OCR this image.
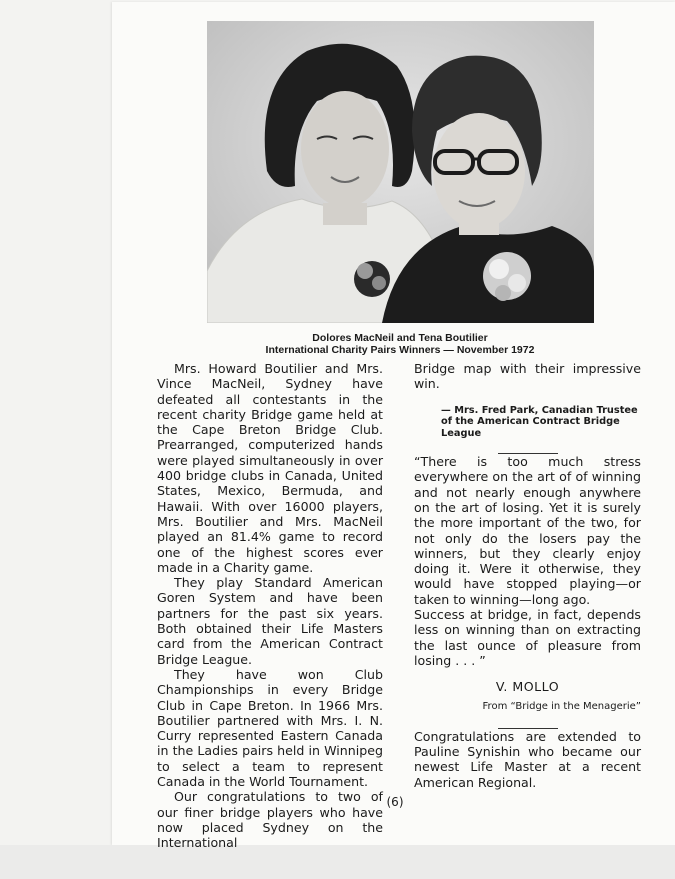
Dolores MacNeil and Tena Boutilier
International Charity Pairs Winners — November 1972

Mrs. Howard Boutilier and Mrs. Vince MacNeil, Sydney have defeated all contestants in the recent charity Bridge game held at the Cape Breton Bridge Club. Prearranged, computerized hands were played simultaneously in over 400 bridge clubs in Canada, United States, Mexico, Bermuda, and Hawaii. With over 16000 players, Mrs. Boutilier and Mrs. MacNeil played an 81.4% game to record one of the highest scores ever made in a Charity game.

They play Standard American Goren System and have been partners for the past six years. Both obtained their Life Masters card from the American Contract Bridge League.

They have won Club Championships in every Bridge Club in Cape Breton. In 1966 Mrs. Boutilier partnered with Mrs. I. N. Curry represented Eastern Canada in the Ladies pairs held in Winnipeg to select a team to represent Canada in the World Tournament.

Our congratulations to two of our finer bridge players who have now placed Sydney on the International

Bridge map with their impressive win.

— Mrs. Fred Park, Canadian Trustee of the American Contract Bridge League

“There is too much stress everywhere on the art of of winning and not nearly enough anywhere on the art of losing. Yet it is surely the more important of the two, for not only do the losers pay the winners, but they clearly enjoy doing it. Were it otherwise, they would have stopped playing—or taken to winning—long ago.

Success at bridge, in fact, depends less on winning than on extracting the last ounce of pleasure from losing . . . ”

V. MOLLO
From “Bridge in the Menagerie”

Congratulations are extended to Pauline Synishin who became our newest Life Master at a recent American Regional.

(6)
